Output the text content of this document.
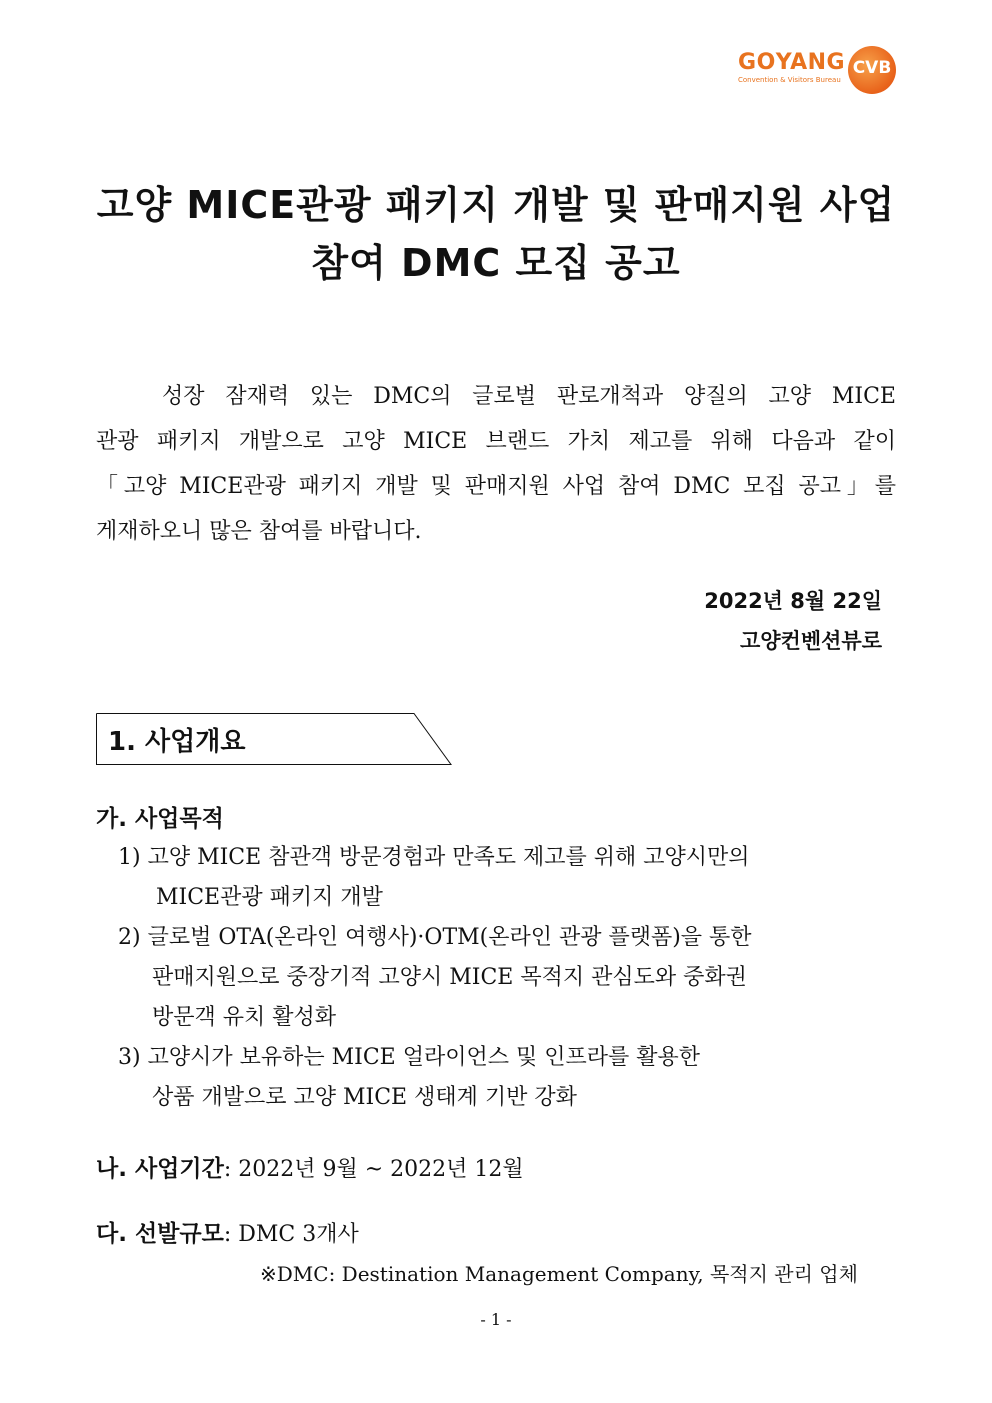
GOYANG
Convention & Visitors Bureau
CVB
고양 MICE관광 패키지 개발 및 판매지원 사업
참여 DMC 모집 공고
성장 잠재력 있는 DMC의 글로벌 판로개척과 양질의 고양 MICE
관광 패키지 개발으로 고양 MICE 브랜드 가치 제고를 위해 다음과 같이
「고양 MICE관광 패키지 개발 및 판매지원 사업 참여 DMC 모집 공고」를
게재하오니 많은 참여를 바랍니다.
2022년 8월 22일
고양컨벤션뷰로
1. 사업개요
가. 사업목적
1) 고양 MICE 참관객 방문경험과 만족도 제고를 위해 고양시만의
MICE관광 패키지 개발
2) 글로벌 OTA(온라인 여행사)·OTM(온라인 관광 플랫폼)을 통한
판매지원으로 중장기적 고양시 MICE 목적지 관심도와 중화권
방문객 유치 활성화
3) 고양시가 보유하는 MICE 얼라이언스 및 인프라를 활용한
상품 개발으로 고양 MICE 생태계 기반 강화
나. 사업기간: 2022년 9월 ~ 2022년 12월
다. 선발규모: DMC 3개사
※DMC: Destination Management Company, 목적지 관리 업체
- 1 -
